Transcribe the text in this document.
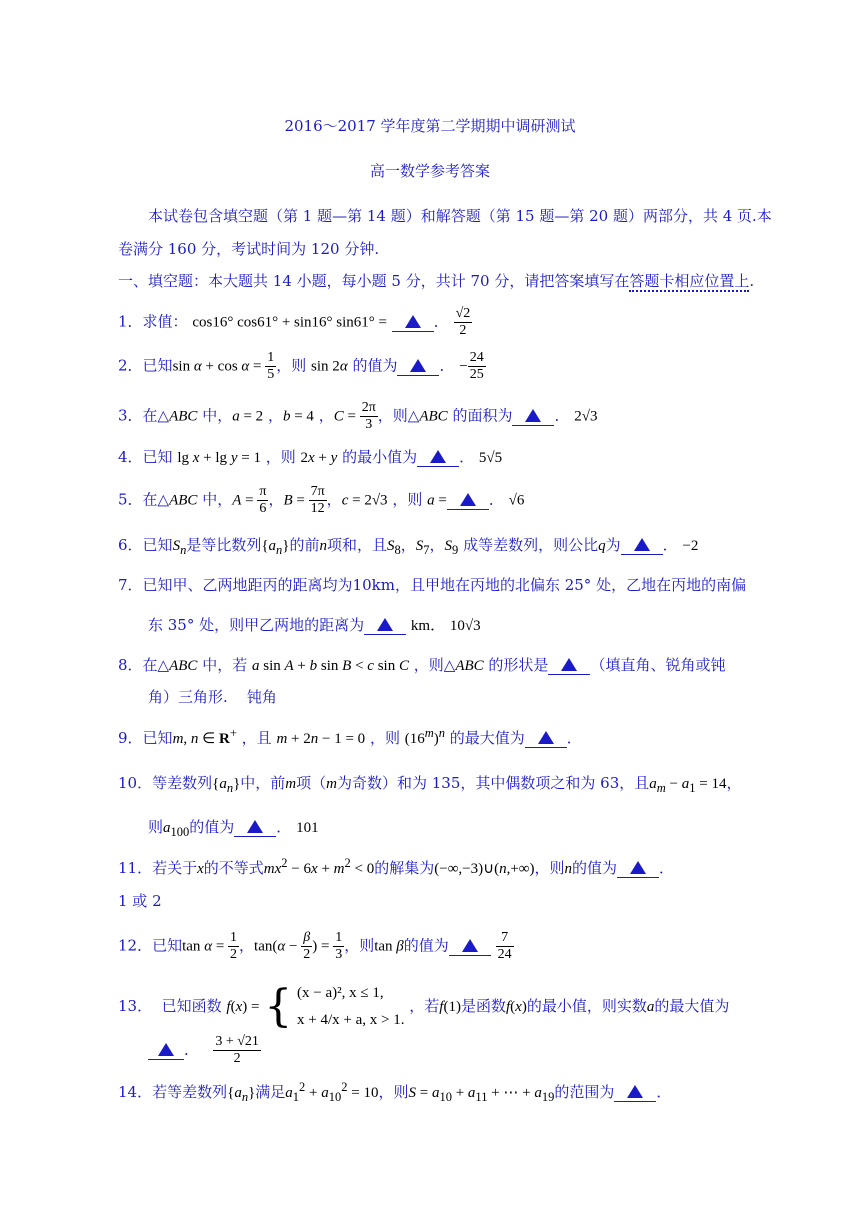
2016～2017 学年度第二学期期中调研测试
高一数学参考答案
本试卷包含填空题（第 1 题—第 14 题）和解答题（第 15 题—第 20 题）两部分，共 4 页.本
卷满分 160 分，考试时间为 120 分钟.
一、填空题：本大题共 14 小题，每小题 5 分，共计 70 分，请把答案填写在答题卡相应位置上.
1．求值： cos16° cos61° + sin16° sin61° =	． $\frac{√2}{2}$
2．已知$\sin \alpha + \cos \alpha = \frac{1}{5}$ ，则 sin 2α 的值为	． − $\frac{24}{25}$
3．在△ABC 中，a = 2 ，b = 4 ，$C = \frac{2\pi}{3}$ ，则△ABC 的面积为	． 2√3
4．已知 lg x + lg y = 1 ，则 2x + y 的最小值为	． 5√5
5．在△ABC 中，$A = \frac{\pi}{6}$ ，$B = \frac{7\pi}{12}$ ，c = 2√3 ，则 a =	． √6
6．已知$S_n$是等比数列$\{a_n\}$的前n项和，且$S_8$，$S_7$，$S_9$ 成等差数列，则公比q为	． −2
7．已知甲、乙两地距丙的距离均为10km，且甲地在丙地的北偏东 25° 处，乙地在丙地的南偏
东 35° 处，则甲乙两地的距离为	km． 10√3
8．在△ABC 中，若 a sin A + b sin B < c sin C ，则△ABC 的形状是	（填直角、锐角或钝
角）三角形. 钝角
9．已知m, n ∈ R+ ，且 m + 2n − 1 = 0 ，则 $(16^m)^n$ 的最大值为	．
10．等差数列$\{a_n\}$中，前m项（m为奇数）和为 135，其中偶数项之和为 63，且$a_m - a_1 = 14$，
则$a_{100}$的值为	． 101
11．若关于x的不等式$mx^2 - 6x + m^2 < 0$的解集为(−∞,−3)∪(n,+∞)，则n的值为	．
1 或 2
12．已知$\tan \alpha = \frac{1}{2}$ ，$\tan(\alpha - \frac{\beta}{2}$ ) = $\frac{1}{3}$ ，则tan β的值为	$\frac{7}{24}$
13．  已知函数 f(x) = { (x − a)², x ≤ 1,
x + 4/x + a, x > 1.
，若f(1)是函数f(x)的最小值，则实数a的最大值为
． $\frac{3 + √21}{2}$
14．若等差数列$\{a_n\}$满足$a_1^2 + a_{10}^2 = 10$，则$S = a_{10} + a_{11}$ + ⋯ + $a_{19}$的范围为	．
